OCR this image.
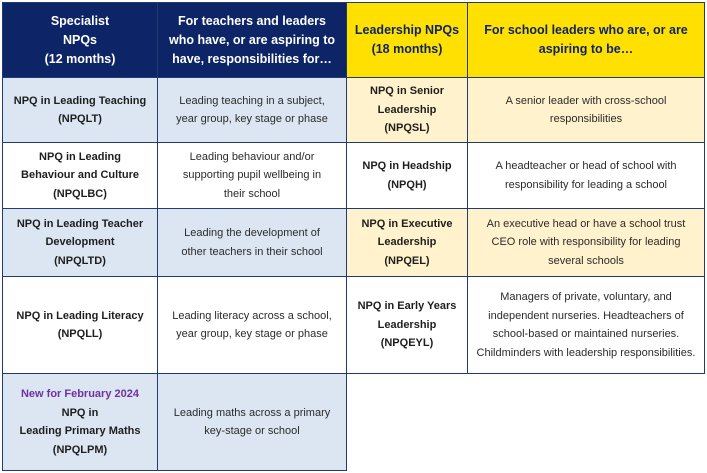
Specialist
NPQs
(12 months)
For teachers and leaders who have, or are aspiring to have, responsibilities for…
Leadership NPQs
(18 months)
For school leaders who are, or are aspiring to be…
NPQ in Leading Teaching
(NPQLT)
Leading teaching in a subject, year group, key stage or phase
NPQ in Leading
Behaviour and Culture
(NPQLBC)
Leading behaviour and/or supporting pupil wellbeing in their school
NPQ in Leading Teacher
Development
(NPQLTD)
Leading the development of other teachers in their school
NPQ in Leading Literacy
(NPQLL)
Leading literacy across a school, year group, key stage or phase
New for February 2024
NPQ in
Leading Primary Maths
(NPQLPM)
Leading maths across a primary key-stage or school
NPQ in Senior
Leadership
(NPQSL)
A senior leader with cross-school responsibilities
NPQ in Headship
(NPQH)
A headteacher or head of school with responsibility for leading a school
NPQ in Executive
Leadership
(NPQEL)
An executive head or have a school trust CEO role with responsibility for leading several schools
NPQ in Early Years
Leadership
(NPQEYL)
Managers of private, voluntary, and independent nurseries. Headteachers of school-based or maintained nurseries. Childminders with leadership responsibilities.
